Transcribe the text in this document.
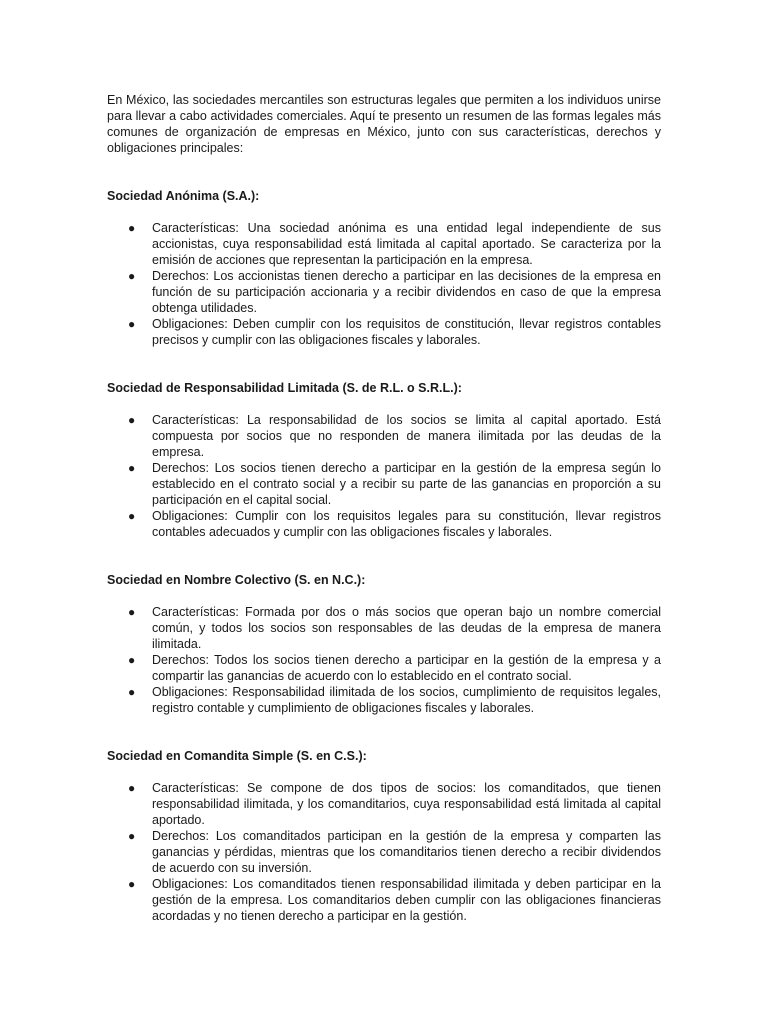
En México, las sociedades mercantiles son estructuras legales que permiten a los individuos unirse para llevar a cabo actividades comerciales. Aquí te presento un resumen de las formas legales más comunes de organización de empresas en México, junto con sus características, derechos y obligaciones principales:

Sociedad Anónima (S.A.):

● Características: Una sociedad anónima es una entidad legal independiente de sus accionistas, cuya responsabilidad está limitada al capital aportado. Se caracteriza por la emisión de acciones que representan la participación en la empresa.
● Derechos: Los accionistas tienen derecho a participar en las decisiones de la empresa en función de su participación accionaria y a recibir dividendos en caso de que la empresa obtenga utilidades.
● Obligaciones: Deben cumplir con los requisitos de constitución, llevar registros contables precisos y cumplir con las obligaciones fiscales y laborales.

Sociedad de Responsabilidad Limitada (S. de R.L. o S.R.L.):

● Características: La responsabilidad de los socios se limita al capital aportado. Está compuesta por socios que no responden de manera ilimitada por las deudas de la empresa.
● Derechos: Los socios tienen derecho a participar en la gestión de la empresa según lo establecido en el contrato social y a recibir su parte de las ganancias en proporción a su participación en el capital social.
● Obligaciones: Cumplir con los requisitos legales para su constitución, llevar registros contables adecuados y cumplir con las obligaciones fiscales y laborales.

Sociedad en Nombre Colectivo (S. en N.C.):

● Características: Formada por dos o más socios que operan bajo un nombre comercial común, y todos los socios son responsables de las deudas de la empresa de manera ilimitada.
● Derechos: Todos los socios tienen derecho a participar en la gestión de la empresa y a compartir las ganancias de acuerdo con lo establecido en el contrato social.
● Obligaciones: Responsabilidad ilimitada de los socios, cumplimiento de requisitos legales, registro contable y cumplimiento de obligaciones fiscales y laborales.

Sociedad en Comandita Simple (S. en C.S.):

● Características: Se compone de dos tipos de socios: los comanditados, que tienen responsabilidad ilimitada, y los comanditarios, cuya responsabilidad está limitada al capital aportado.
● Derechos: Los comanditados participan en la gestión de la empresa y comparten las ganancias y pérdidas, mientras que los comanditarios tienen derecho a recibir dividendos de acuerdo con su inversión.
● Obligaciones: Los comanditados tienen responsabilidad ilimitada y deben participar en la gestión de la empresa. Los comanditarios deben cumplir con las obligaciones financieras acordadas y no tienen derecho a participar en la gestión.
